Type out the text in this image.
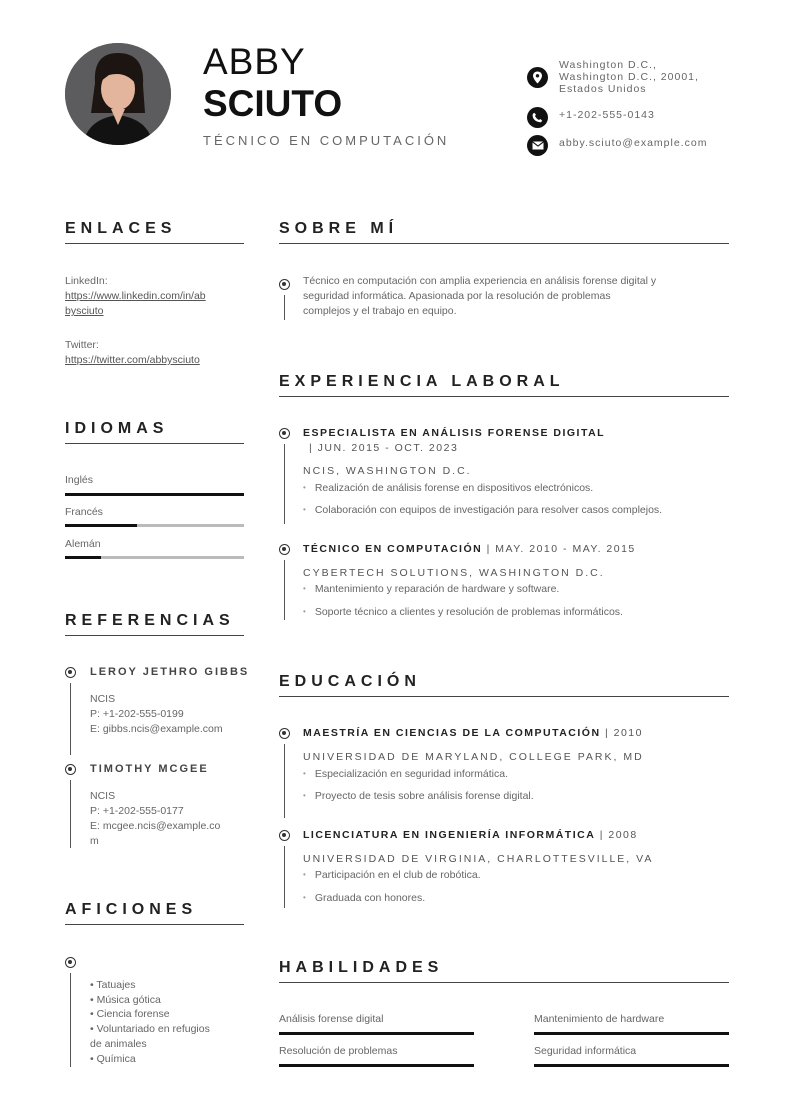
ABBY
SCIUTO
TÉCNICO EN COMPUTACIÓN
Washington D.C.,
Washington D.C., 20001,
Estados Unidos
+1-202-555-0143
abby.sciuto@example.com
ENLACES
LinkedIn:
https://www.linkedin.com/in/ab
bysciuto
Twitter:
https://twitter.com/abbysciuto
IDIOMAS
Inglés
Francés
Alemán
REFERENCIAS
LEROY JETHRO GIBBS
NCIS
P: +1-202-555-0199
E: gibbs.ncis@example.com
TIMOTHY MCGEE
NCIS
P: +1-202-555-0177
E: mcgee.ncis@example.co
m
AFICIONES
• Tatuajes
• Música gótica
• Ciencia forense
• Voluntariado en refugios
de animales
• Química
SOBRE MÍ
Técnico en computación con amplia experiencia en análisis forense digital y
seguridad informática. Apasionada por la resolución de problemas
complejos y el trabajo en equipo.
EXPERIENCIA LABORAL
ESPECIALISTA EN ANÁLISIS FORENSE DIGITAL
| JUN. 2015 - OCT. 2023
NCIS, WASHINGTON D.C.
• Realización de análisis forense en dispositivos electrónicos.
• Colaboración con equipos de investigación para resolver casos complejos.
TÉCNICO EN COMPUTACIÓN | MAY. 2010 - MAY. 2015
CYBERTECH SOLUTIONS, WASHINGTON D.C.
• Mantenimiento y reparación de hardware y software.
• Soporte técnico a clientes y resolución de problemas informáticos.
EDUCACIÓN
MAESTRÍA EN CIENCIAS DE LA COMPUTACIÓN | 2010
UNIVERSIDAD DE MARYLAND, COLLEGE PARK, MD
• Especialización en seguridad informática.
• Proyecto de tesis sobre análisis forense digital.
LICENCIATURA EN INGENIERÍA INFORMÁTICA | 2008
UNIVERSIDAD DE VIRGINIA, CHARLOTTESVILLE, VA
• Participación en el club de robótica.
• Graduada con honores.
HABILIDADES
Análisis forense digital	Mantenimiento de hardware
Resolución de problemas	Seguridad informática
